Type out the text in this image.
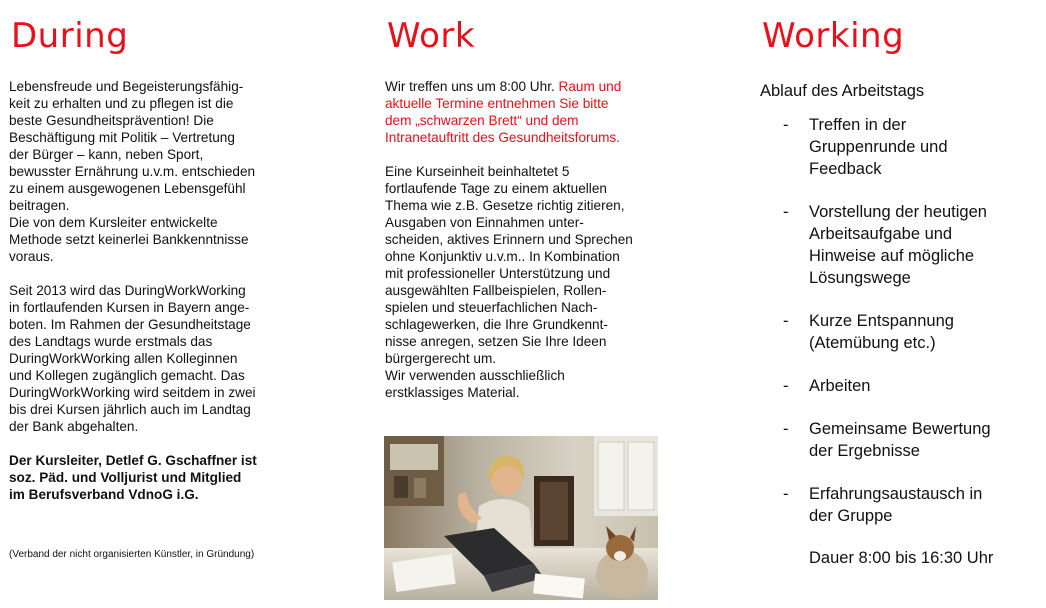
During

Lebensfreude und Begeisterungsfähig-
keit zu erhalten und zu pflegen ist die
beste Gesundheitsprävention! Die
Beschäftigung mit Politik – Vertretung
der Bürger – kann, neben Sport,
bewusster Ernährung u.v.m. entschieden
zu einem ausgewogenen Lebensgefühl
beitragen.
Die von dem Kursleiter entwickelte
Methode setzt keinerlei Bankkenntnisse
voraus.

Seit 2013 wird das DuringWorkWorking
in fortlaufenden Kursen in Bayern ange-
boten. Im Rahmen der Gesundheitstage
des Landtags wurde erstmals das
DuringWorkWorking allen Kolleginnen
und Kollegen zugänglich gemacht. Das
DuringWorkWorking wird seitdem in zwei
bis drei Kursen jährlich auch im Landtag
der Bank abgehalten.

Der Kursleiter, Detlef G. Gschaffner ist
soz. Päd. und Volljurist und Mitglied
im Berufsverband VdnoG i.G.

(Verband der nicht organisierten Künstler, in Gründung)

Work

Wir treffen uns um 8:00 Uhr. Raum und
aktuelle Termine entnehmen Sie bitte
dem „schwarzen Brett“ und dem
Intranetauftritt des Gesundheitsforums.

Eine Kurseinheit beinhaltetet 5
fortlaufende Tage zu einem aktuellen
Thema wie z.B. Gesetze richtig zitieren,
Ausgaben von Einnahmen unter-
scheiden, aktives Erinnern und Sprechen
ohne Konjunktiv u.v.m.. In Kombination
mit professioneller Unterstützung und
ausgewählten Fallbeispielen, Rollen-
spielen und steuerfachlichen Nach-
schlagewerken, die Ihre Grundkennt-
nisse anregen, setzen Sie Ihre Ideen
bürgergerecht um.
Wir verwenden ausschließlich
erstklassiges Material.

Working

Ablauf des Arbeitstags

- Treffen in der
Gruppenrunde und
Feedback
- Vorstellung der heutigen
Arbeitsaufgabe und
Hinweise auf mögliche
Lösungswege
- Kurze Entspannung
(Atemübung etc.)
- Arbeiten
- Gemeinsame Bewertung
der Ergebnisse
- Erfahrungsaustausch in
der Gruppe

Dauer 8:00 bis 16:30 Uhr
